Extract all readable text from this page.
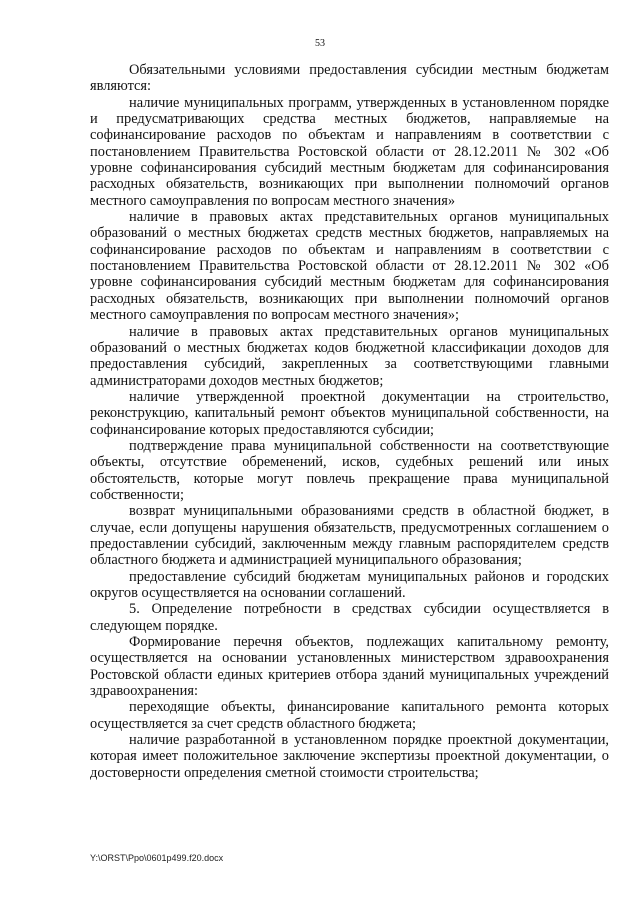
53

Обязательными условиями предоставления субсидии местным бюджетам являются:

наличие муниципальных программ, утвержденных в установленном порядке и предусматривающих средства местных бюджетов, направляемые на софинансирование расходов по объектам и направлениям в соответствии с постановлением Правительства Ростовской области от 28.12.2011 № 302 «Об уровне софинансирования субсидий местным бюджетам для софинансирования расходных обязательств, возникающих при выполнении полномочий органов местного самоуправления по вопросам местного значения»

наличие в правовых актах представительных органов муниципальных образований о местных бюджетах средств местных бюджетов, направляемых на софинансирование расходов по объектам и направлениям в соответствии с постановлением Правительства Ростовской области от 28.12.2011 № 302 «Об уровне софинансирования субсидий местным бюджетам для софинансирования расходных обязательств, возникающих при выполнении полномочий органов местного самоуправления по вопросам местного значения»;

наличие в правовых актах представительных органов муниципальных образований о местных бюджетах кодов бюджетной классификации доходов для предоставления субсидий, закрепленных за соответствующими главными администраторами доходов местных бюджетов;

наличие утвержденной проектной документации на строительство, реконструкцию, капитальный ремонт объектов муниципальной собственности, на софинансирование которых предоставляются субсидии;

подтверждение права муниципальной собственности на соответствующие объекты, отсутствие обременений, исков, судебных решений или иных обстоятельств, которые могут повлечь прекращение права муниципальной собственности;

возврат муниципальными образованиями средств в областной бюджет, в случае, если допущены нарушения обязательств, предусмотренных соглашением о предоставлении субсидий, заключенным между главным распорядителем средств областного бюджета и администрацией муниципального образования;

предоставление субсидий бюджетам муниципальных районов и городских округов осуществляется на основании соглашений.

5. Определение потребности в средствах субсидии осуществляется в следующем порядке.

Формирование перечня объектов, подлежащих капитальному ремонту, осуществляется на основании установленных министерством здравоохранения Ростовской области единых критериев отбора зданий муниципальных учреждений здравоохранения:

переходящие объекты, финансирование капитального ремонта которых осуществляется за счет средств областного бюджета;

наличие разработанной в установленном порядке проектной документации, которая имеет положительное заключение экспертизы проектной документации, о достоверности определения сметной стоимости строительства;

Y:\ORST\Ppo\0601p499.f20.docx
